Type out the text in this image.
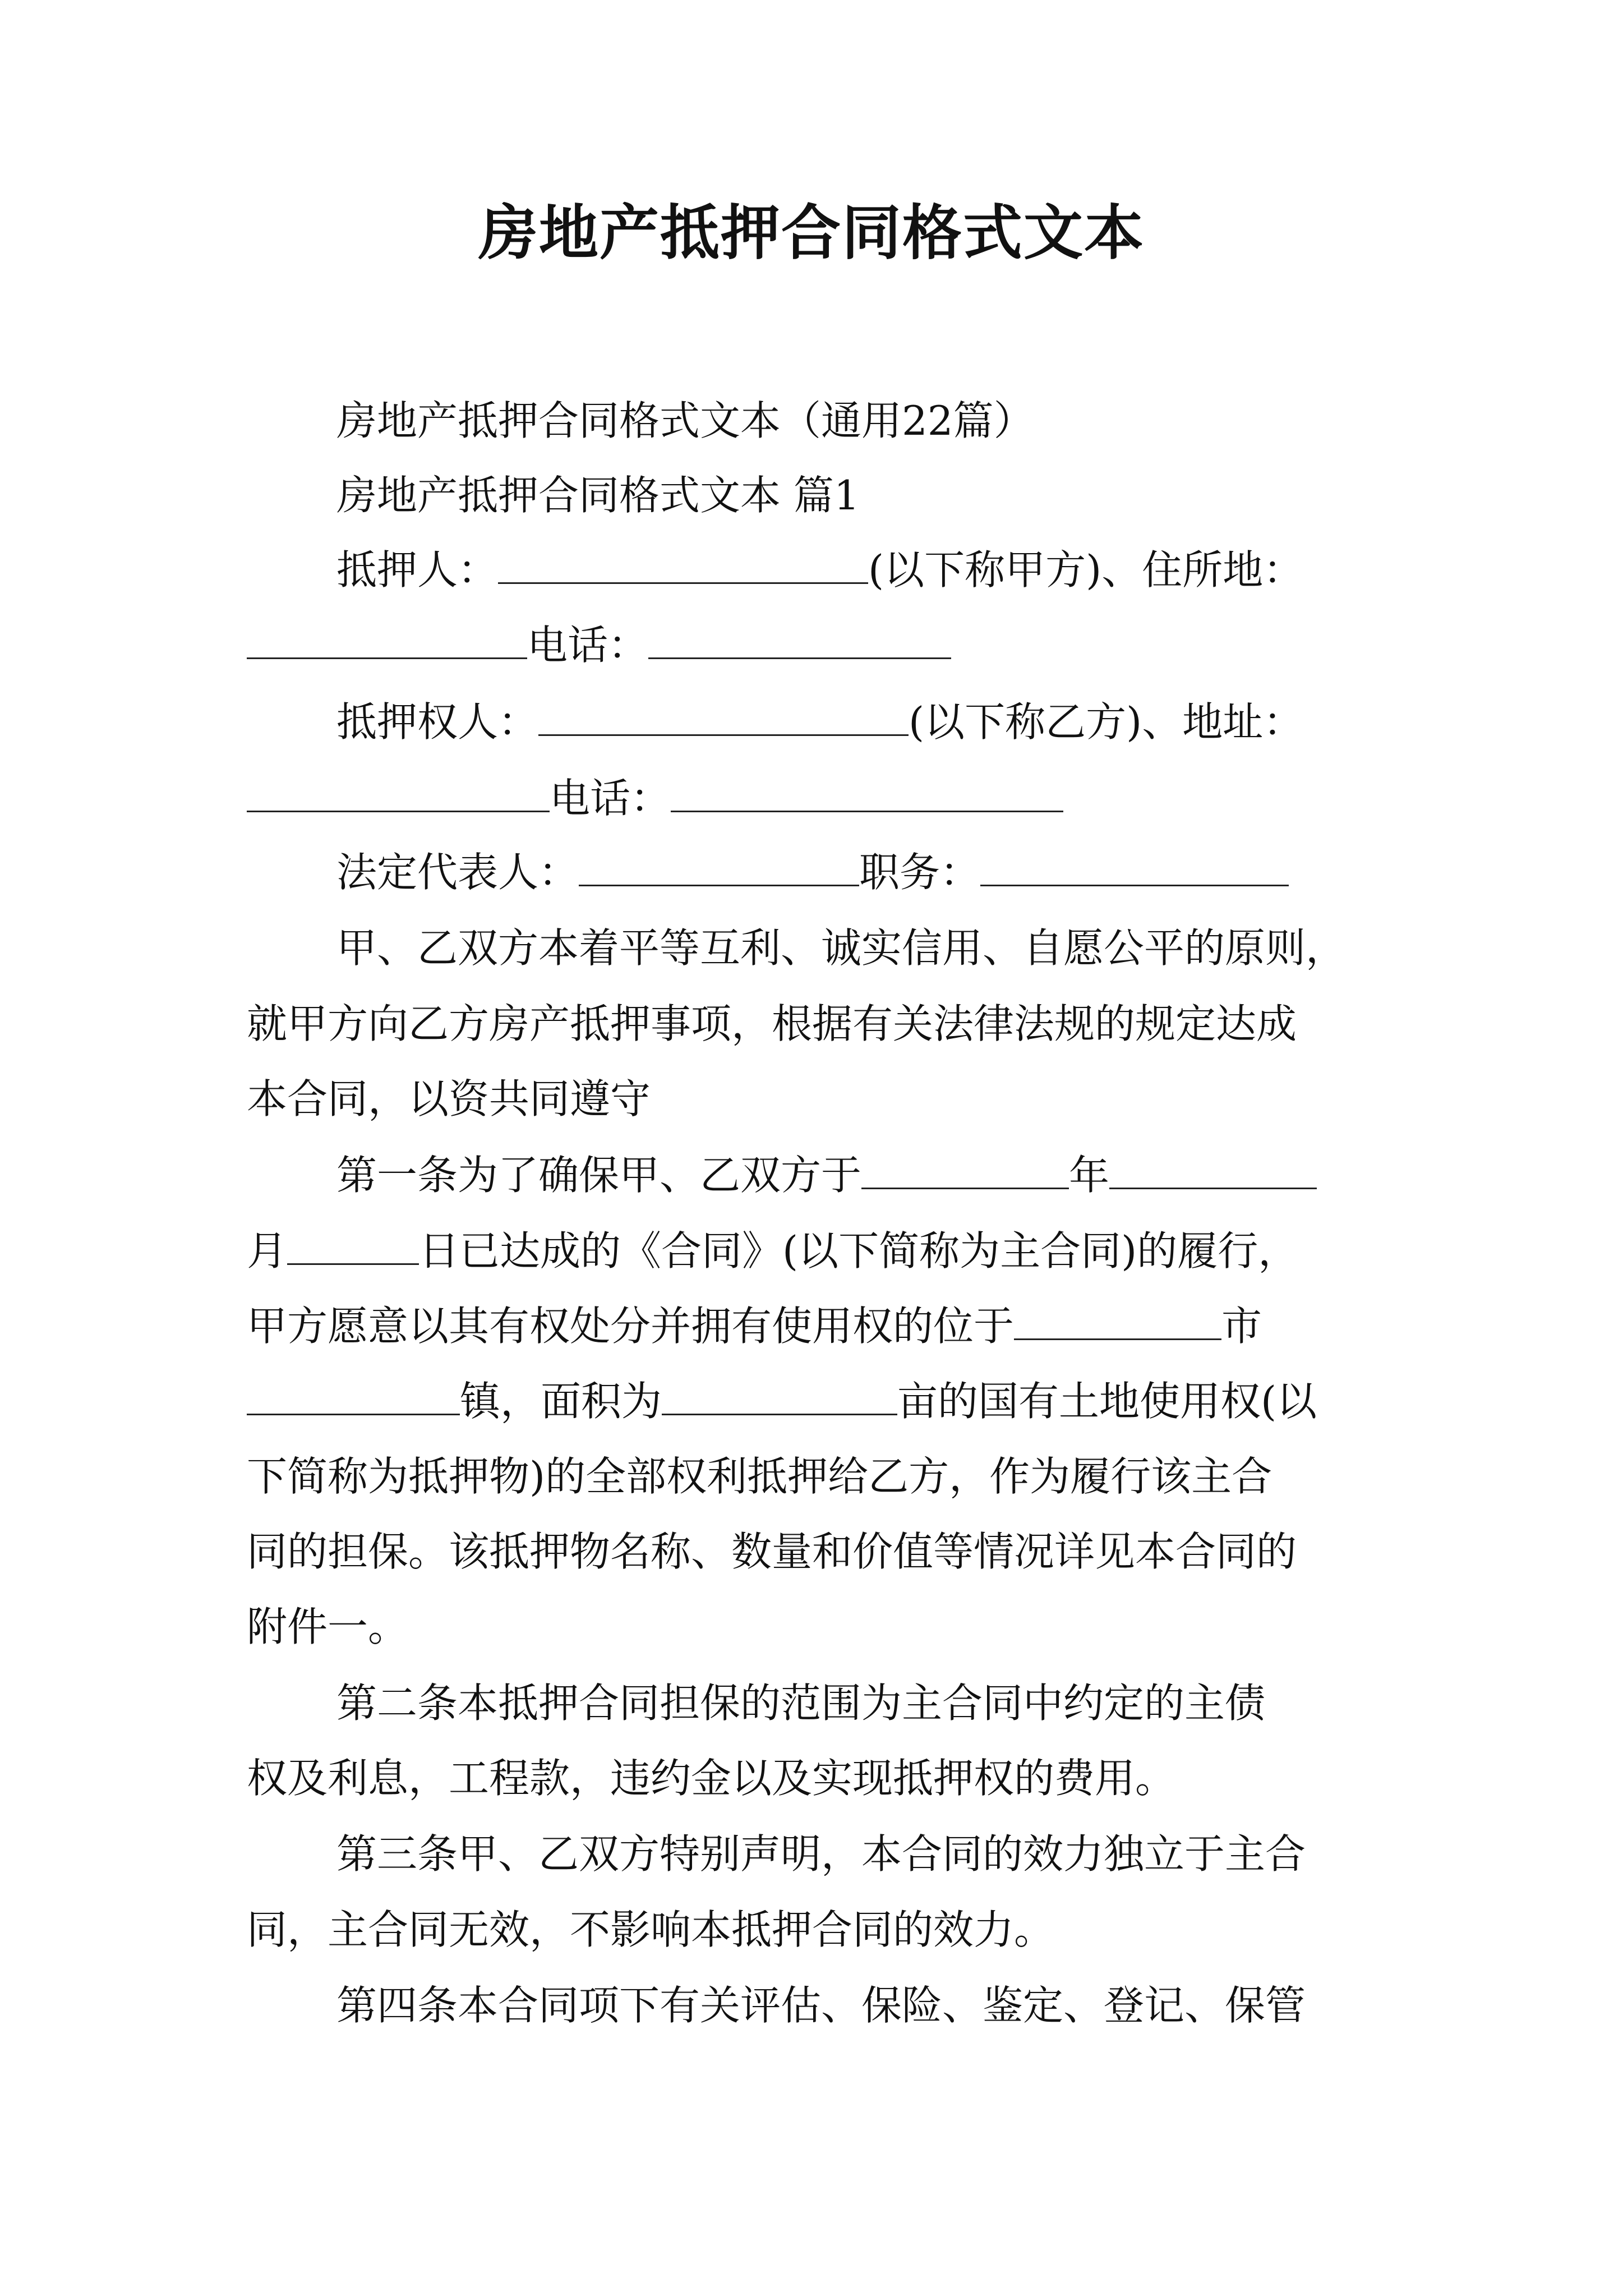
房地产抵押合同格式文本
房地产抵押合同格式文本（通用22篇）
房地产抵押合同格式文本 篇1
抵押人：	(以下称甲方)、住所地：
电话：
抵押权人：	(以下称乙方)、地址：
电话：
法定代表人：	职务：
甲、乙双方本着平等互利、诚实信用、自愿公平的原则，
就甲方向乙方房产抵押事项，根据有关法律法规的规定达成
本合同，以资共同遵守
第一条为了确保甲、乙双方于	年
月	日已达成的《合同》(以下简称为主合同)的履行，
甲方愿意以其有权处分并拥有使用权的位于	市
镇，面积为	亩的国有土地使用权(以
下简称为抵押物)的全部权利抵押给乙方，作为履行该主合
同的担保。该抵押物名称、数量和价值等情况详见本合同的
附件一。
第二条本抵押合同担保的范围为主合同中约定的主债
权及利息，工程款，违约金以及实现抵押权的费用。
第三条甲、乙双方特别声明，本合同的效力独立于主合
同，主合同无效，不影响本抵押合同的效力。
第四条本合同项下有关评估、保险、鉴定、登记、保管
